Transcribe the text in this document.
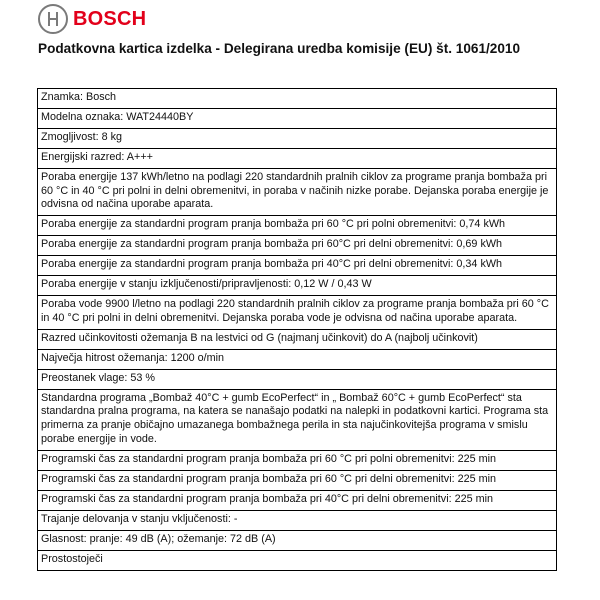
BOSCH
Podatkovna kartica izdelka - Delegirana uredba komisije (EU) št. 1061/2010
Znamka: Bosch
Modelna oznaka: WAT24440BY
Zmogljivost: 8 kg
Energijski razred: A+++
Poraba energije 137 kWh/letno na podlagi 220 standardnih pralnih ciklov za programe pranja bombaža pri 60 °C in 40 °C pri polni in delni obremenitvi, in poraba v načinih nizke porabe. Dejanska poraba energije je odvisna od načina uporabe aparata.
Poraba energije za standardni program pranja bombaža pri 60 °C pri polni obremenitvi: 0,74 kWh
Poraba energije za standardni program pranja bombaža pri 60°C pri delni obremenitvi: 0,69 kWh
Poraba energije za standardni program pranja bombaža pri 40°C pri delni obremenitvi: 0,34 kWh
Poraba energije v stanju izključenosti/pripravljenosti: 0,12 W / 0,43 W
Poraba vode 9900 l/letno na podlagi 220 standardnih pralnih ciklov za programe pranja bombaža pri 60 °C in 40 °C pri polni in delni obremenitvi. Dejanska poraba vode je odvisna od načina uporabe aparata.
Razred učinkovitosti ožemanja B na lestvici od G (najmanj učinkovit) do A (najbolj učinkovit)
Največja hitrost ožemanja: 1200 o/min
Preostanek vlage: 53 %
Standardna programa „Bombaž 40°C + gumb EcoPerfect“ in „ Bombaž 60°C + gumb EcoPerfect“ sta standardna pralna programa, na katera se nanašajo podatki na nalepki in podatkovni kartici. Programa sta primerna za pranje običajno umazanega bombažnega perila in sta najučinkovitejša programa v smislu porabe energije in vode.
Programski čas za standardni program pranja bombaža pri 60 °C pri polni obremenitvi: 225 min
Programski čas za standardni program pranja bombaža pri 60 °C pri delni obremenitvi: 225 min
Programski čas za standardni program pranja bombaža pri 40°C pri delni obremenitvi: 225 min
Trajanje delovanja v stanju vključenosti: -
Glasnost: pranje: 49 dB (A); ožemanje: 72 dB (A)
Prostostoječi
